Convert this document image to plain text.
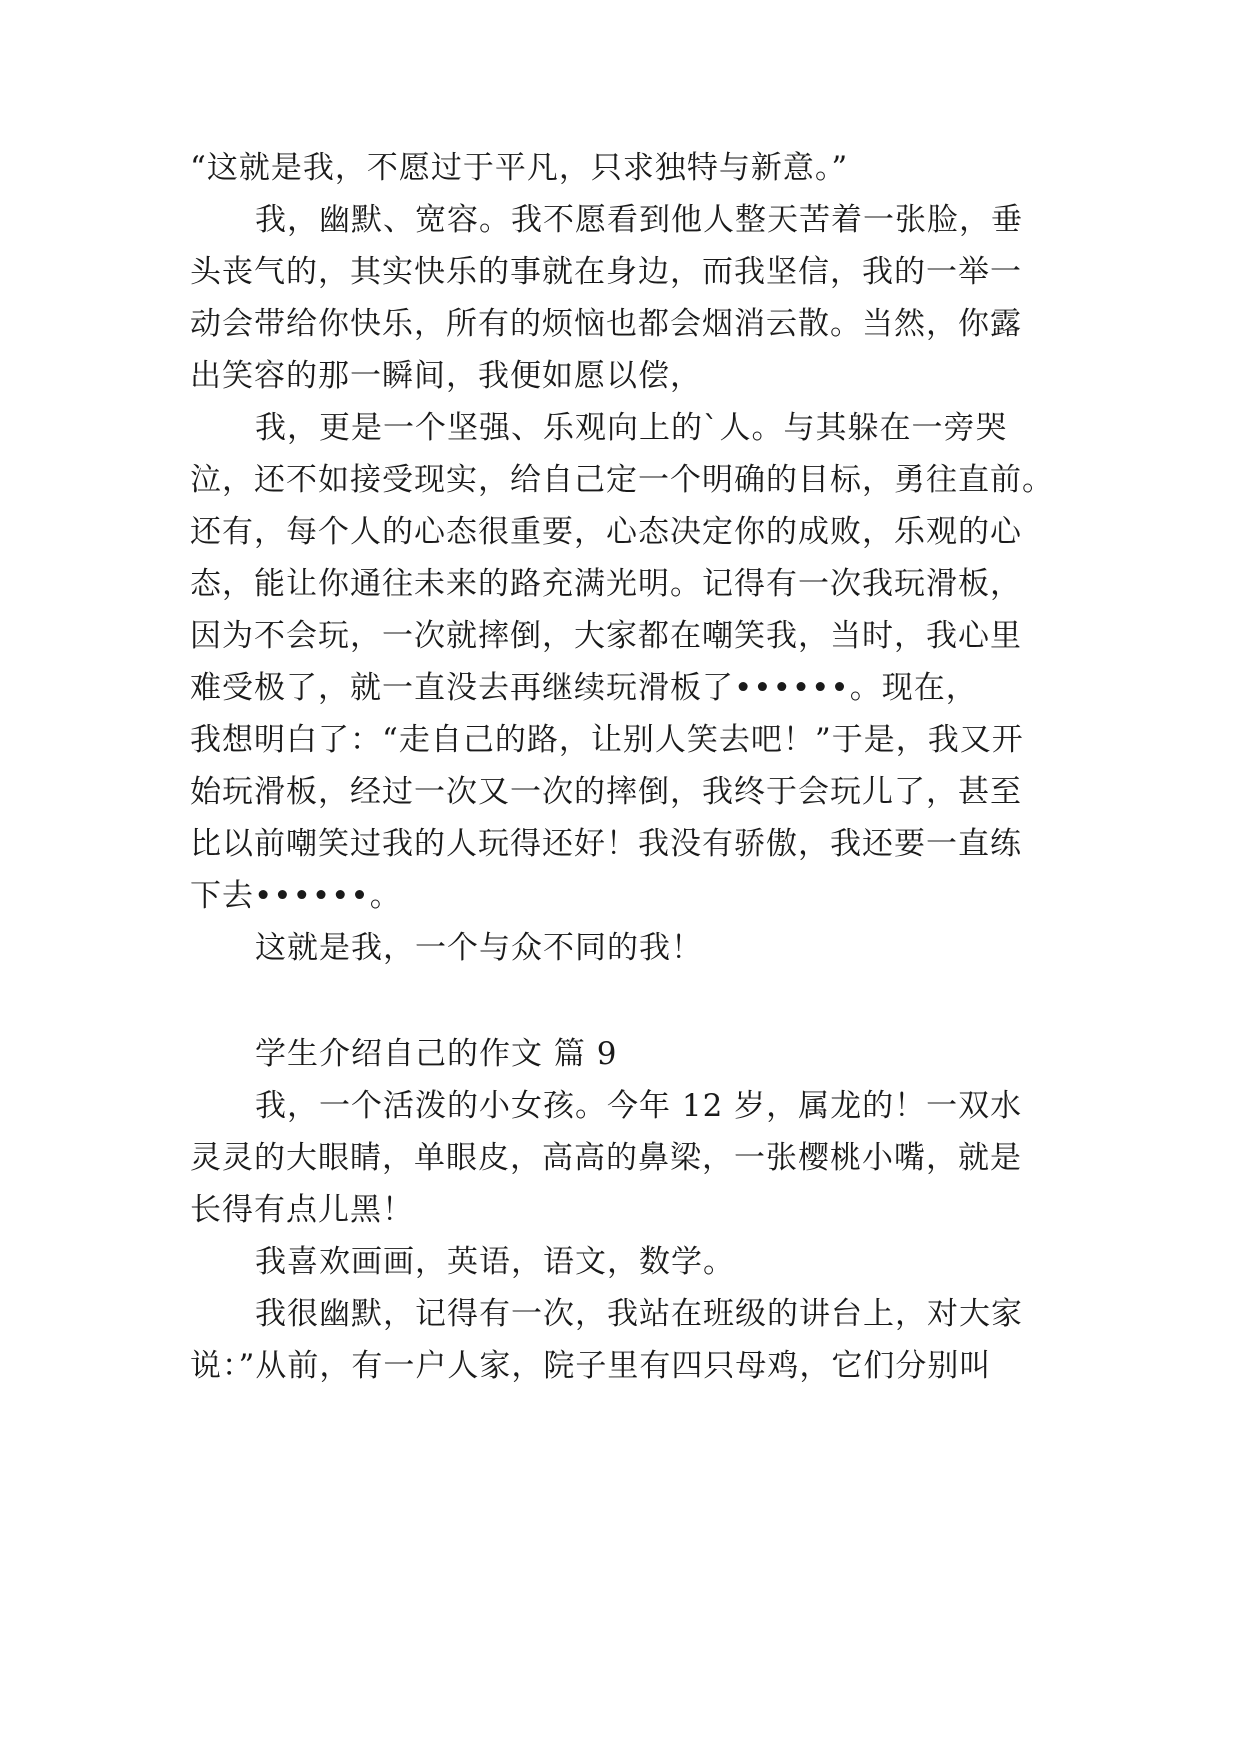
“这就是我，不愿过于平凡，只求独特与新意。”
我，幽默、宽容。我不愿看到他人整天苦着一张脸，垂
头丧气的，其实快乐的事就在身边，而我坚信，我的一举一
动会带给你快乐，所有的烦恼也都会烟消云散。当然，你露
出笑容的那一瞬间，我便如愿以偿，
我，更是一个坚强、乐观向上的`人。与其躲在一旁哭
泣，还不如接受现实，给自己定一个明确的目标，勇往直前。
还有，每个人的心态很重要，心态决定你的成败，乐观的心
态，能让你通往未来的路充满光明。记得有一次我玩滑板，
因为不会玩，一次就摔倒，大家都在嘲笑我，当时，我心里
难受极了，就一直没去再继续玩滑板了••••••。现在，
我想明白了：“走自己的路，让别人笑去吧！”于是，我又开
始玩滑板，经过一次又一次的摔倒，我终于会玩儿了，甚至
比以前嘲笑过我的人玩得还好！我没有骄傲，我还要一直练
下去••••••。
这就是我，一个与众不同的我！
学生介绍自己的作文 篇 9
我，一个活泼的小女孩。今年 12 岁，属龙的！一双水
灵灵的大眼睛，单眼皮，高高的鼻梁，一张樱桃小嘴，就是
长得有点儿黑！
我喜欢画画，英语，语文，数学。
我很幽默，记得有一次，我站在班级的讲台上，对大家
说：”从前，有一户人家，院子里有四只母鸡，它们分别叫
